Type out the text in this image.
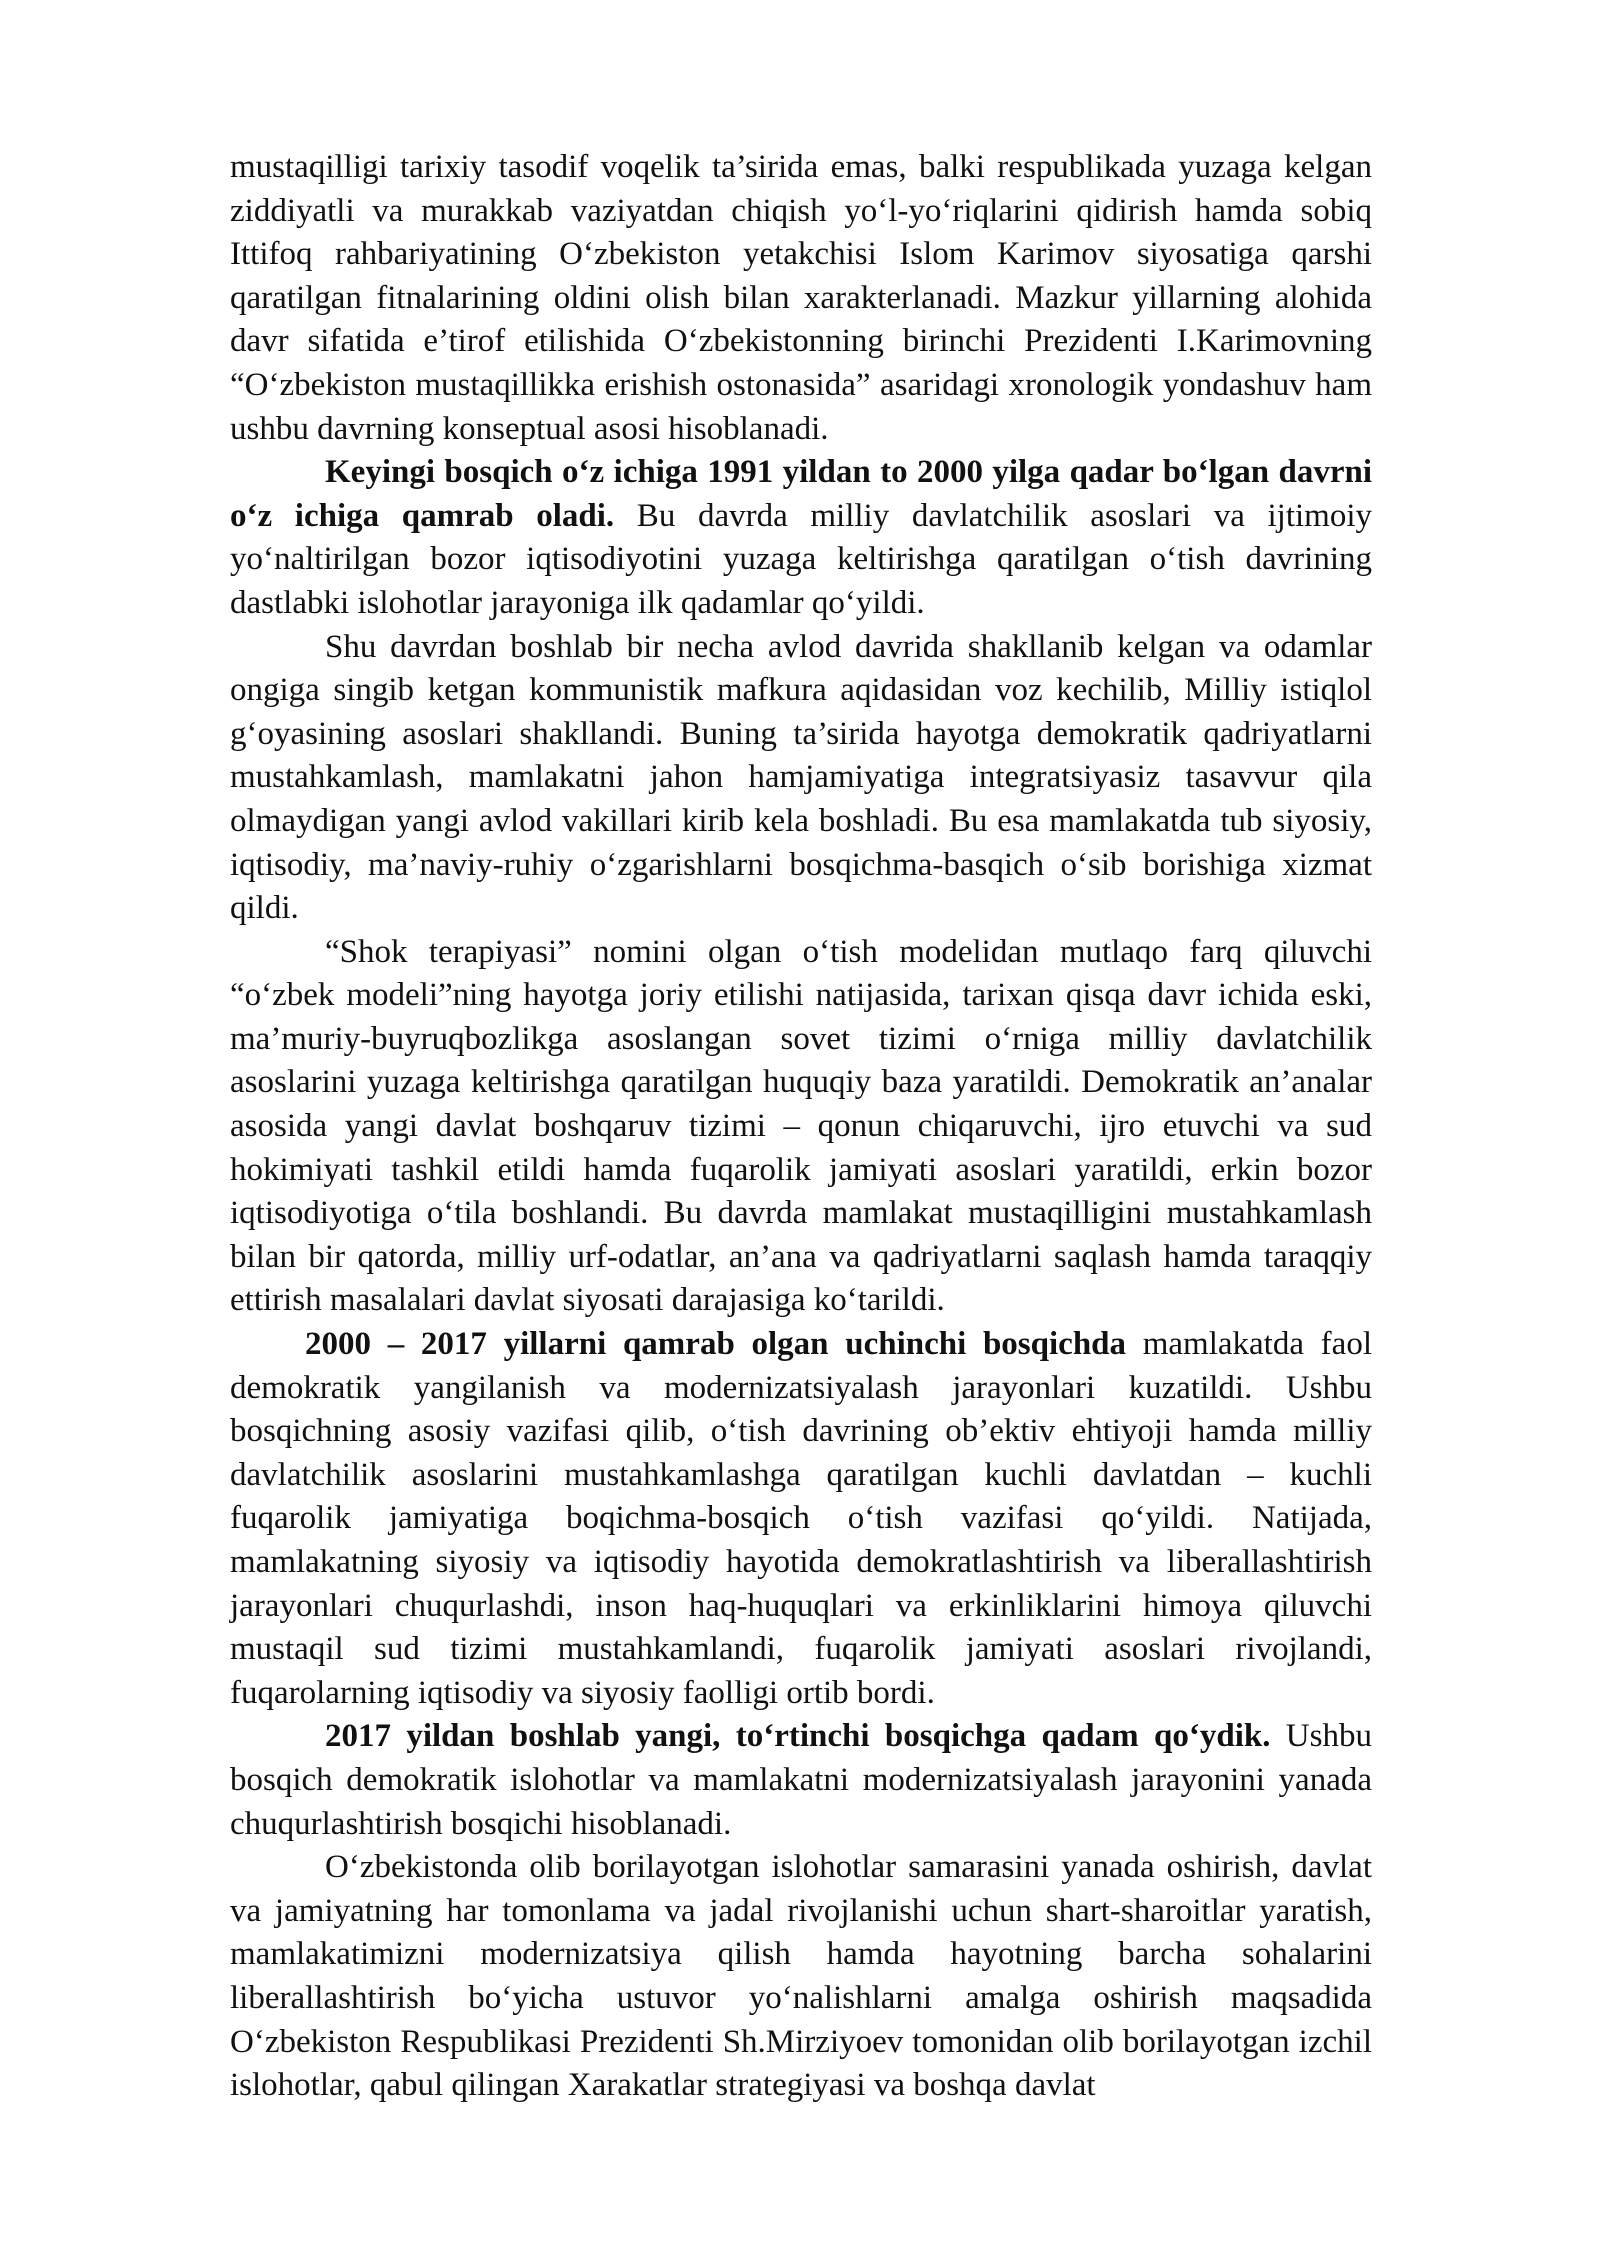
mustaqilligi tarixiy tasodif voqelik ta’sirida emas, balki respublikada yuzaga kelgan ziddiyatli va murakkab vaziyatdan chiqish yo‘l-yo‘riqlarini qidirish hamda sobiq Ittifoq rahbariyatining O‘zbekiston yetakchisi Islom Karimov siyosatiga qarshi qaratilgan fitnalarining oldini olish bilan xarakterlanadi. Mazkur yillarning alohida davr sifatida e’tirof etilishida O‘zbekistonning birinchi Prezidenti I.Karimovning “O‘zbekiston mustaqillikka erishish ostonasida” asaridagi xronologik yondashuv ham ushbu davrning konseptual asosi hisoblanadi.

Keyingi bosqich o‘z ichiga 1991 yildan to 2000 yilga qadar bo‘lgan davrni o‘z ichiga qamrab oladi. Bu davrda milliy davlatchilik asoslari va ijtimoiy yo‘naltirilgan bozor iqtisodiyotini yuzaga keltirishga qaratilgan o‘tish davrining dastlabki islohotlar jarayoniga ilk qadamlar qo‘yildi.

Shu davrdan boshlab bir necha avlod davrida shakllanib kelgan va odamlar ongiga singib ketgan kommunistik mafkura aqidasidan voz kechilib, Milliy istiqlol g‘oyasining asoslari shakllandi. Buning ta’sirida hayotga demokratik qadriyatlarni mustahkamlash, mamlakatni jahon hamjamiyatiga integratsiyasiz tasavvur qila olmaydigan yangi avlod vakillari kirib kela boshladi. Bu esa mamlakatda tub siyosiy, iqtisodiy, ma’naviy-ruhiy o‘zgarishlarni bosqichma-basqich o‘sib borishiga xizmat qildi.

“Shok terapiyasi” nomini olgan o‘tish modelidan mutlaqo farq qiluvchi “o‘zbek modeli”ning hayotga joriy etilishi natijasida, tarixan qisqa davr ichida eski, ma’muriy-buyruqbozlikga asoslangan sovet tizimi o‘rniga milliy davlatchilik asoslarini yuzaga keltirishga qaratilgan huquqiy baza yaratildi. Demokratik an’analar asosida yangi davlat boshqaruv tizimi – qonun chiqaruvchi, ijro etuvchi va sud hokimiyati tashkil etildi hamda fuqarolik jamiyati asoslari yaratildi, erkin bozor iqtisodiyotiga o‘tila boshlandi. Bu davrda mamlakat mustaqilligini mustahkamlash bilan bir qatorda, milliy urf-odatlar, an’ana va qadriyatlarni saqlash hamda taraqqiy ettirish masalalari davlat siyosati darajasiga ko‘tarildi.

2000 – 2017 yillarni qamrab olgan uchinchi bosqichda mamlakatda faol demokratik yangilanish va modernizatsiyalash jarayonlari kuzatildi. Ushbu bosqichning asosiy vazifasi qilib, o‘tish davrining ob’ektiv ehtiyoji hamda milliy davlatchilik asoslarini mustahkamlashga qaratilgan kuchli davlatdan – kuchli fuqarolik jamiyatiga boqichma-bosqich o‘tish vazifasi qo‘yildi. Natijada, mamlakatning siyosiy va iqtisodiy hayotida demokratlashtirish va liberallashtirish jarayonlari chuqurlashdi, inson haq-huquqlari va erkinliklarini himoya qiluvchi mustaqil sud tizimi mustahkamlandi, fuqarolik jamiyati asoslari rivojlandi, fuqarolarning iqtisodiy va siyosiy faolligi ortib bordi.

2017 yildan boshlab yangi, to‘rtinchi bosqichga qadam qo‘ydik. Ushbu bosqich demokratik islohotlar va mamlakatni modernizatsiyalash jarayonini yanada chuqurlashtirish bosqichi hisoblanadi.

O‘zbekistonda olib borilayotgan islohotlar samarasini yanada oshirish, davlat va jamiyatning har tomonlama va jadal rivojlanishi uchun shart-sharoitlar yaratish, mamlakatimizni modernizatsiya qilish hamda hayotning barcha sohalarini liberallashtirish bo‘yicha ustuvor yo‘nalishlarni amalga oshirish maqsadida O‘zbekiston Respublikasi Prezidenti Sh.Mirziyoev tomonidan olib borilayotgan izchil islohotlar, qabul qilingan Xarakatlar strategiyasi va boshqa davlat
